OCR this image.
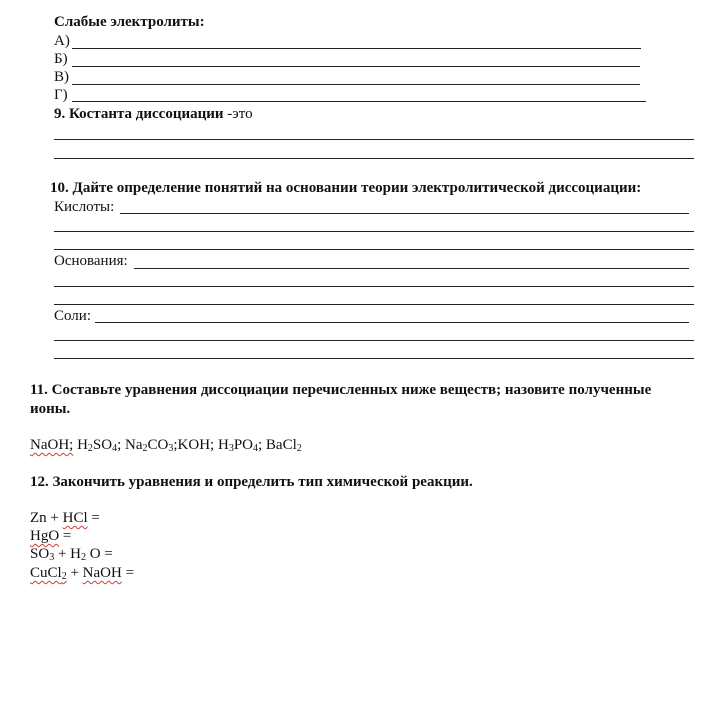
Слабые электролиты:
А)
Б)
В)
Г)
9. Костанта диссоциации -это
10. Дайте определение понятий на основании теории электролитической диссоциации:
Кислоты:
Основания:
Соли:
11. Составьте уравнения диссоциации перечисленных ниже веществ; назовите полученные
ионы.
NaOH; $H_2SO_4$; $Na_2CO_3;KOH$; $H_3PO_4$; BaCl$_2$
12. Закончить уравнения и определить тип химической реакции.
Zn + HCl =
HgO =
$SO_3 + H_2$ O =
CuCl$_2$ + NaOH =
